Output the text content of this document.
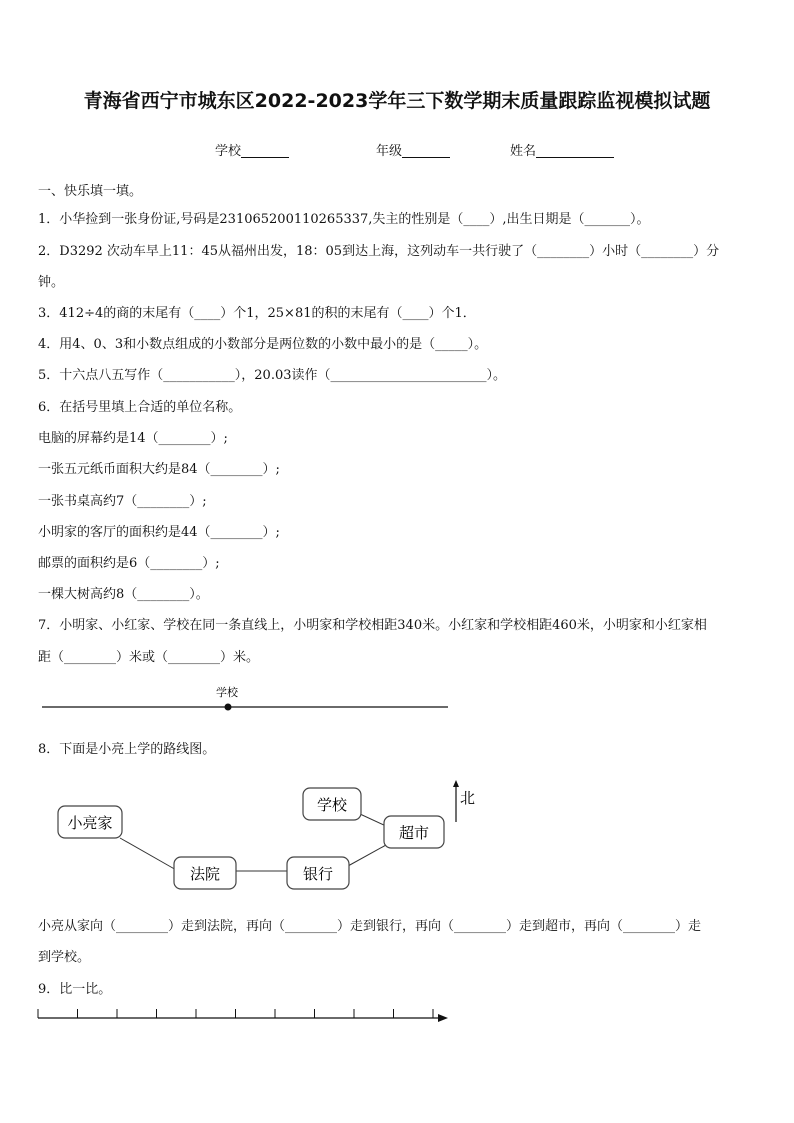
青海省西宁市城东区2022-2023学年三下数学期末质量跟踪监视模拟试题
学校	年级	姓名
一、快乐填一填。
1．小华捡到一张身份证,号码是231065200110265337,失主的性别是（____）,出生日期是（_______）。
2．D3292 次动车早上11：45从福州出发，18：05到达上海，这列动车一共行驶了（________）小时（________）分
钟。
3．412÷4的商的末尾有（____）个1，25×81的积的末尾有（____）个1．
4．用4、0、3和小数点组成的小数部分是两位数的小数中最小的是（_____）。
5．十六点八五写作（___________），20.03读作（________________________）。
6．在括号里填上合适的单位名称。
电脑的屏幕约是14（________）;
一张五元纸币面积大约是84（________）;
一张书桌高约7（________）;
小明家的客厅的面积约是44（________）;
邮票的面积约是6（________）;
一棵大树高约8（________）。
7．小明家、小红家、学校在同一条直线上，小明家和学校相距340米。小红家和学校相距460米，小明家和小红家相
距（________）米或（________）米。
学校
8．下面是小亮上学的路线图。
小亮家
法院	银行
学校
超市
北
小亮从家向（________）走到法院，再向（________）走到银行，再向（________）走到超市，再向（________）走
到学校。
9．比一比。
